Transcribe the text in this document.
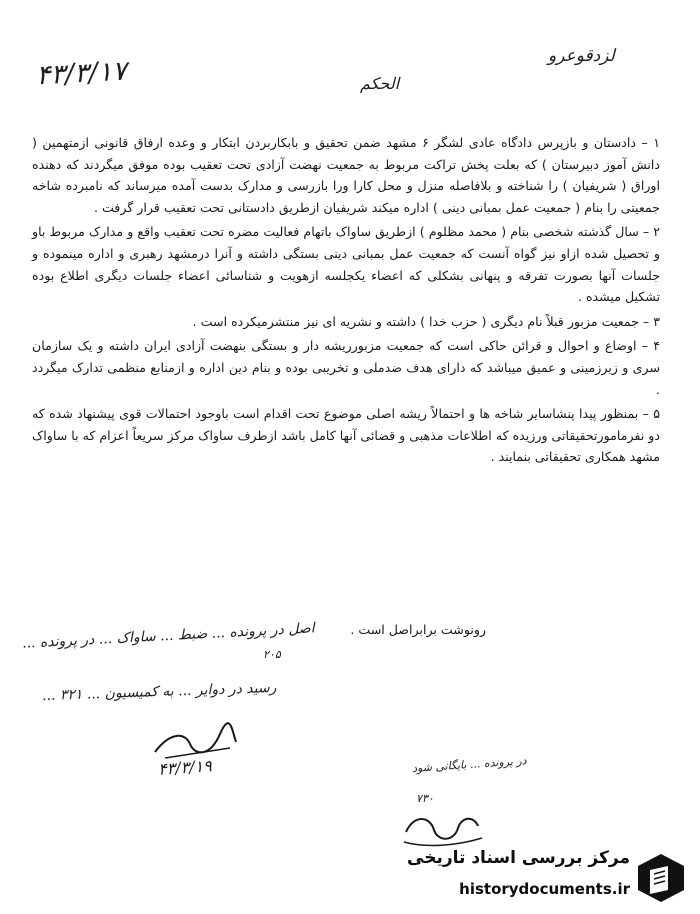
۴۳/۳/۱۷	الحکم
لزدقوعرو

۱ – دادستان و بازپرس دادگاه عادی لشگر ۶ مشهد ضمن تحقیق و بابکاربردن ابتکار و وعده ارفاق قانونی ازمتهمین ( دانش آموز دبیرستان ) که بعلت پخش تراکت مربوط به جمعیت نهضت آزادی تحت تعقیب بوده موفق میگردند که دهنده اوراق ( شریفیان ) را شناخته و بلافاصله منزل و محل کارا ورا بازرسی و مدارک بدست آمده میرساند که نامبرده شاخه جمعیتی را بنام ( جمعیت عمل بمبانی دینی ) اداره میکند شریفیان ازطریق دادستانی تحت تعقیب قرار گرفت .

۲ – سال گذشته شخصی بنام ( محمد مظلوم ) ازطریق ساواک باتهام فعالیت مضره تحت تعقیب واقع و مدارک مربوط باو و تحصیل شده ازاو نیز گواه آنست که جمعیت عمل بمبانی دینی بستگی داشته و آنرا درمشهد رهبری و اداره مینموده و جلسات آنها بصورت تفرقه و پنهانی بشکلی که اعضاء یکجلسه ازهویت و شناسائی اعضاء جلسات دیگری اطلاع بوده تشکیل میشده .

۳ – جمعیت مزبور قبلاً نام دیگری ( حزب خدا ) داشته و نشریه ای نیز منتشرمیکرده است .

۴ – اوضاع و احوال و قرائن حاکی است که جمعیت مزبورریشه دار و بستگی بنهضت آزادی ایران داشته و یک سازمان سری و زیرزمینی و عمیق میباشد که دارای هدف ضدملی و تخریبی بوده و بنام دین اداره و ازمنابع منظمی تدارک میگردد .

۵ – بمنظور پیدا پنشاسایر شاخه ها و احتمالاً ریشه اصلی موضوع تحت اقدام است باوجود احتمالات قوی پیشنهاد شده که دو نفرمامورتحقیقاتی ورزیده که اطلاعات مذهبی و قضائی آنها کامل باشد ازطرف ساواک مرکز سریعاً اعزام که با ساواک مشهد همکاری تحقیقاتی بنمایند .

رونوشت برابراصل است .
اصل در پرونده ... ضبط ... ساواک ... در پرونده ...
۲۰۵
رسید در دوایر ... به کمیسیون ... ۳۲۱ ...
۴۳/۳/۱۹	در پرونده ... بایگانی شود
۷۳۰
مرکز بررسی اسناد تاریخی
historydocuments.ir
